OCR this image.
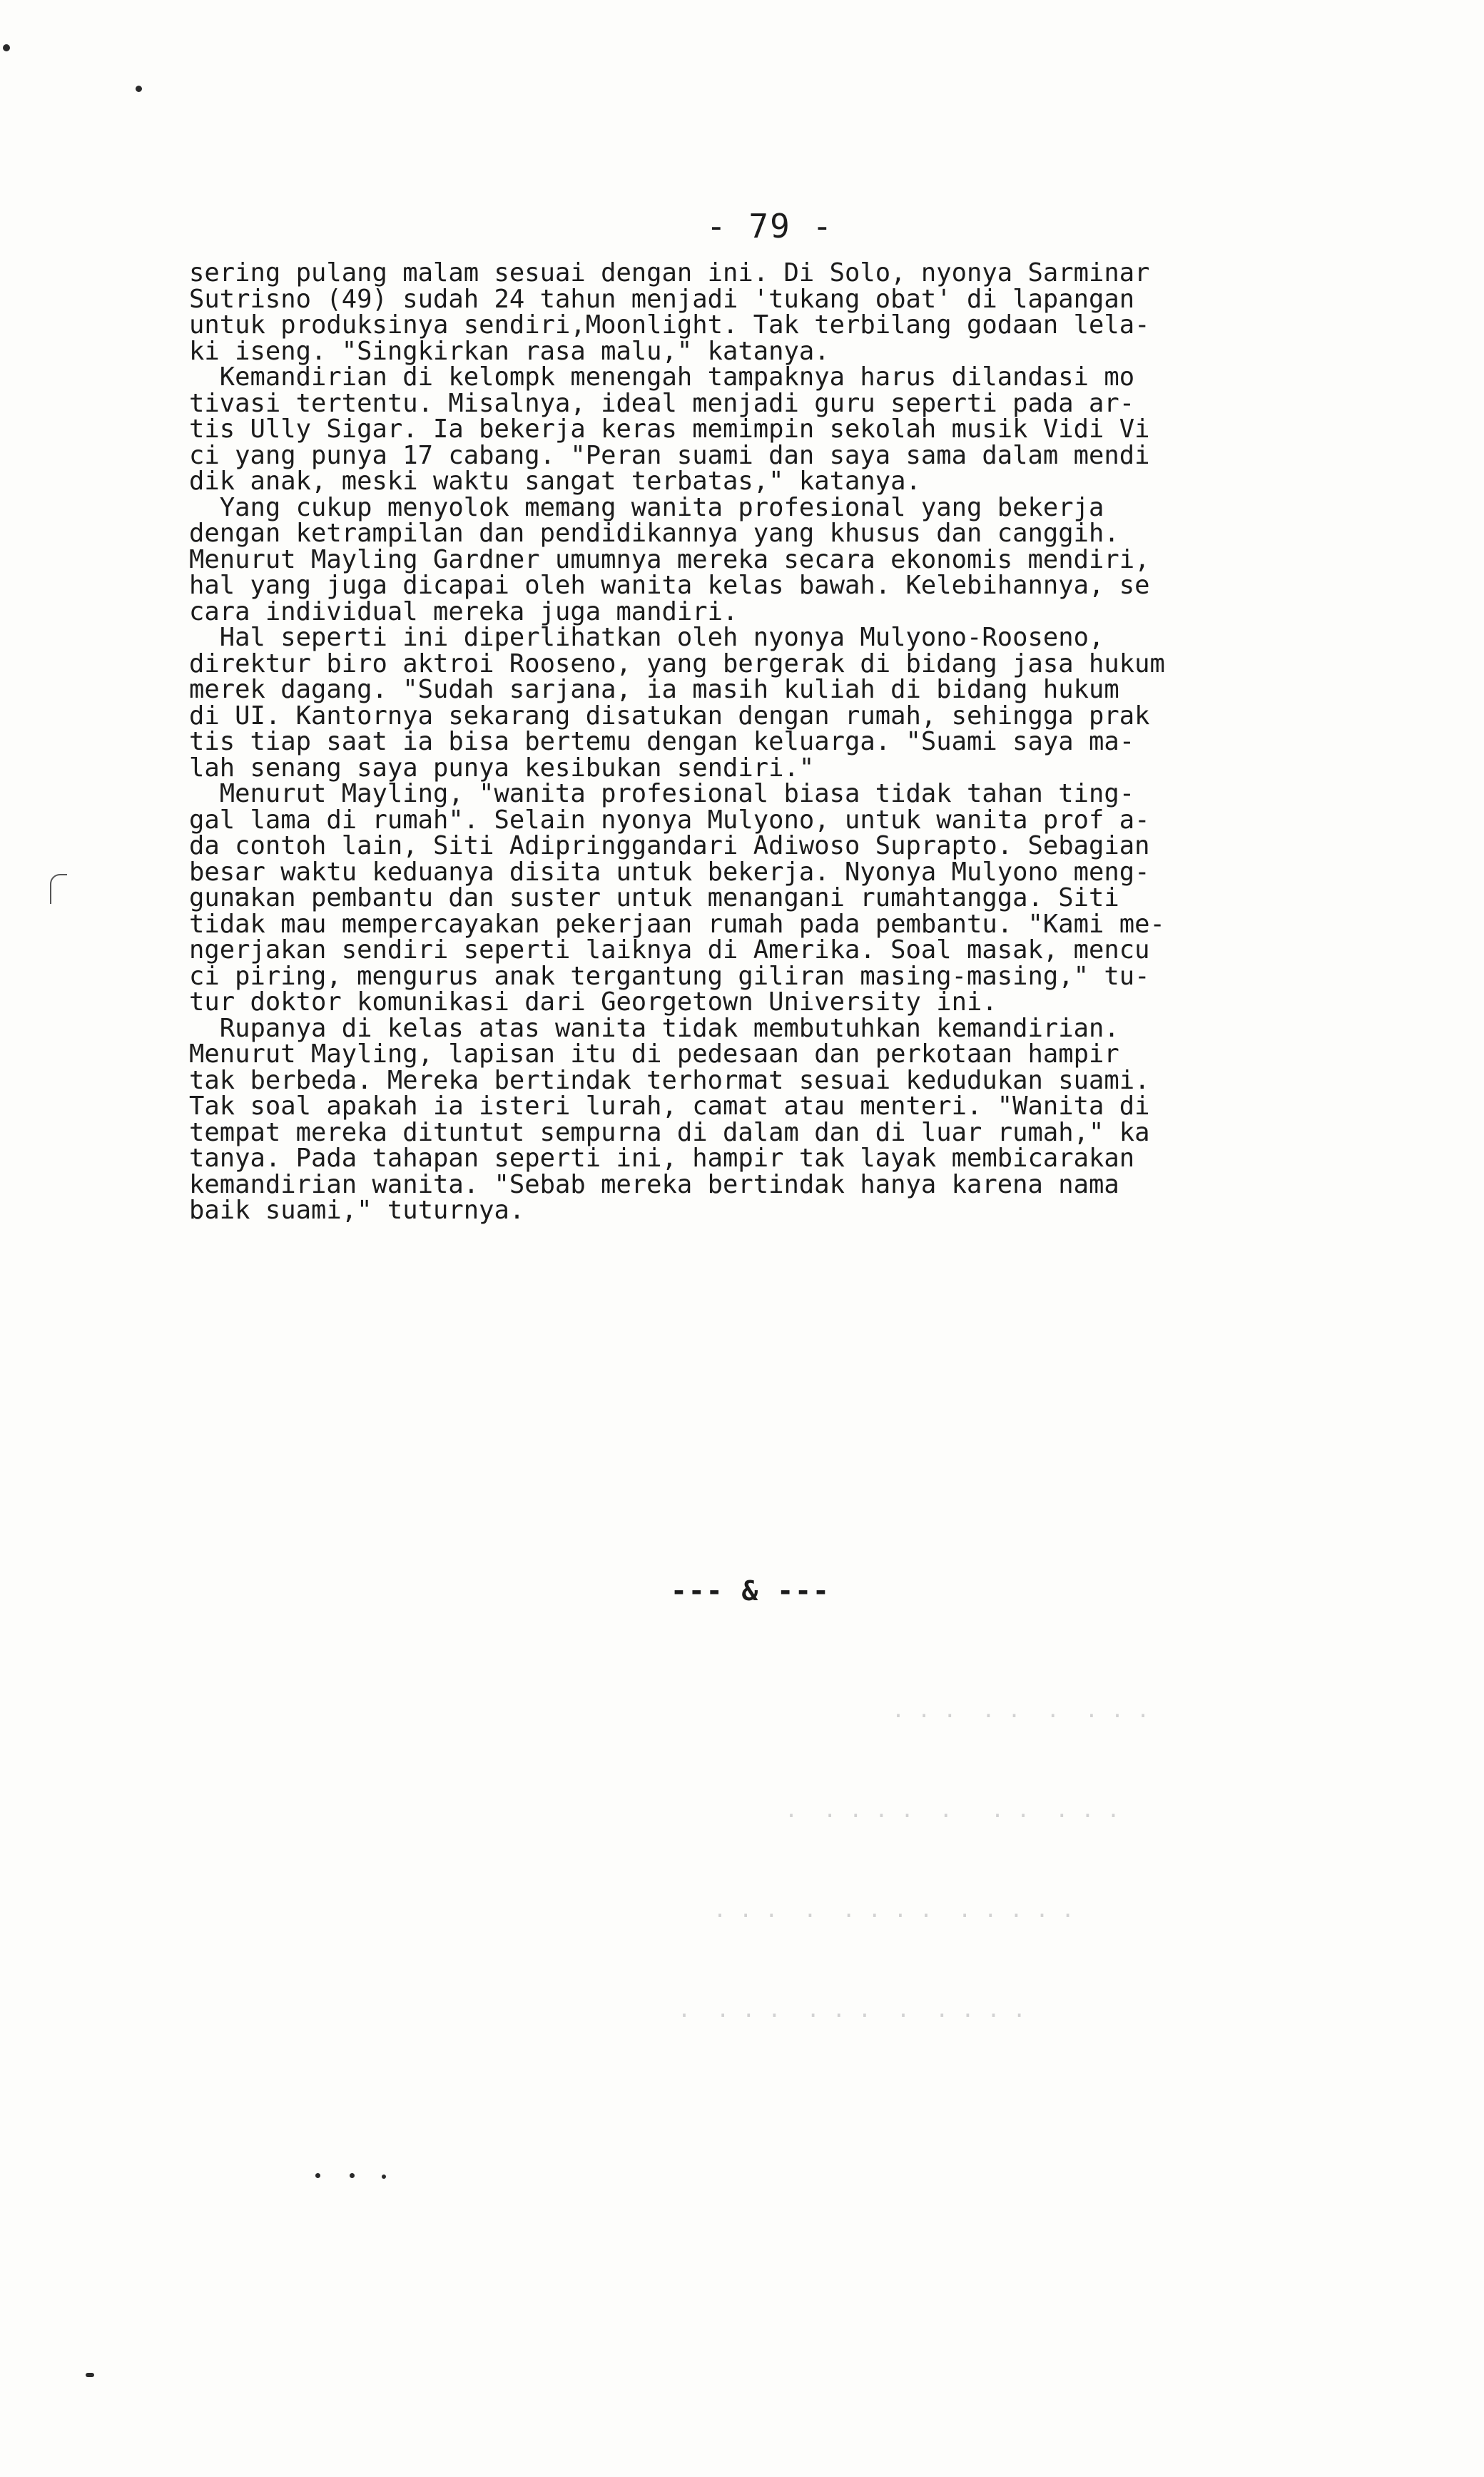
. . .  . .  .  . . .
.  . . . .  .   . .  . . .
. . .  .  . . . .  . . . . .
.  . . .  . . .  .  . . . .
- 79 -
sering pulang malam sesuai dengan ini. Di Solo, nyonya Sarminar
Sutrisno (49) sudah 24 tahun menjadi 'tukang obat' di lapangan
untuk produksinya sendiri,Moonlight. Tak terbilang godaan lela-
ki iseng. "Singkirkan rasa malu," katanya.
Kemandirian di kelompk menengah tampaknya harus dilandasi mo
tivasi tertentu. Misalnya, ideal menjadi guru seperti pada ar-
tis Ully Sigar. Ia bekerja keras memimpin sekolah musik Vidi Vi
ci yang punya 17 cabang. "Peran suami dan saya sama dalam mendi
dik anak, meski waktu sangat terbatas," katanya.
Yang cukup menyolok memang wanita profesional yang bekerja
dengan ketrampilan dan pendidikannya yang khusus dan canggih.
Menurut Mayling Gardner umumnya mereka secara ekonomis mendiri,
hal yang juga dicapai oleh wanita kelas bawah. Kelebihannya, se
cara individual mereka juga mandiri.
Hal seperti ini diperlihatkan oleh nyonya Mulyono-Rooseno,
direktur biro aktroi Rooseno, yang bergerak di bidang jasa hukum
merek dagang. "Sudah sarjana, ia masih kuliah di bidang hukum
di UI. Kantornya sekarang disatukan dengan rumah, sehingga prak
tis tiap saat ia bisa bertemu dengan keluarga. "Suami saya ma-
lah senang saya punya kesibukan sendiri."
Menurut Mayling, "wanita profesional biasa tidak tahan ting-
gal lama di rumah". Selain nyonya Mulyono, untuk wanita prof a-
da contoh lain, Siti Adipringgandari Adiwoso Suprapto. Sebagian
besar waktu keduanya disita untuk bekerja. Nyonya Mulyono meng-
gunakan pembantu dan suster untuk menangani rumahtangga. Siti
tidak mau mempercayakan pekerjaan rumah pada pembantu. "Kami me-
ngerjakan sendiri seperti laiknya di Amerika. Soal masak, mencu
ci piring, mengurus anak tergantung giliran masing-masing," tu-
tur doktor komunikasi dari Georgetown University ini.
Rupanya di kelas atas wanita tidak membutuhkan kemandirian.
Menurut Mayling, lapisan itu di pedesaan dan perkotaan hampir
tak berbeda. Mereka bertindak terhormat sesuai kedudukan suami.
Tak soal apakah ia isteri lurah, camat atau menteri. "Wanita di
tempat mereka dituntut sempurna di dalam dan di luar rumah," ka
tanya. Pada tahapan seperti ini, hampir tak layak membicarakan
kemandirian wanita. "Sebab mereka bertindak hanya karena nama
baik suami," tuturnya.
--- & ---
